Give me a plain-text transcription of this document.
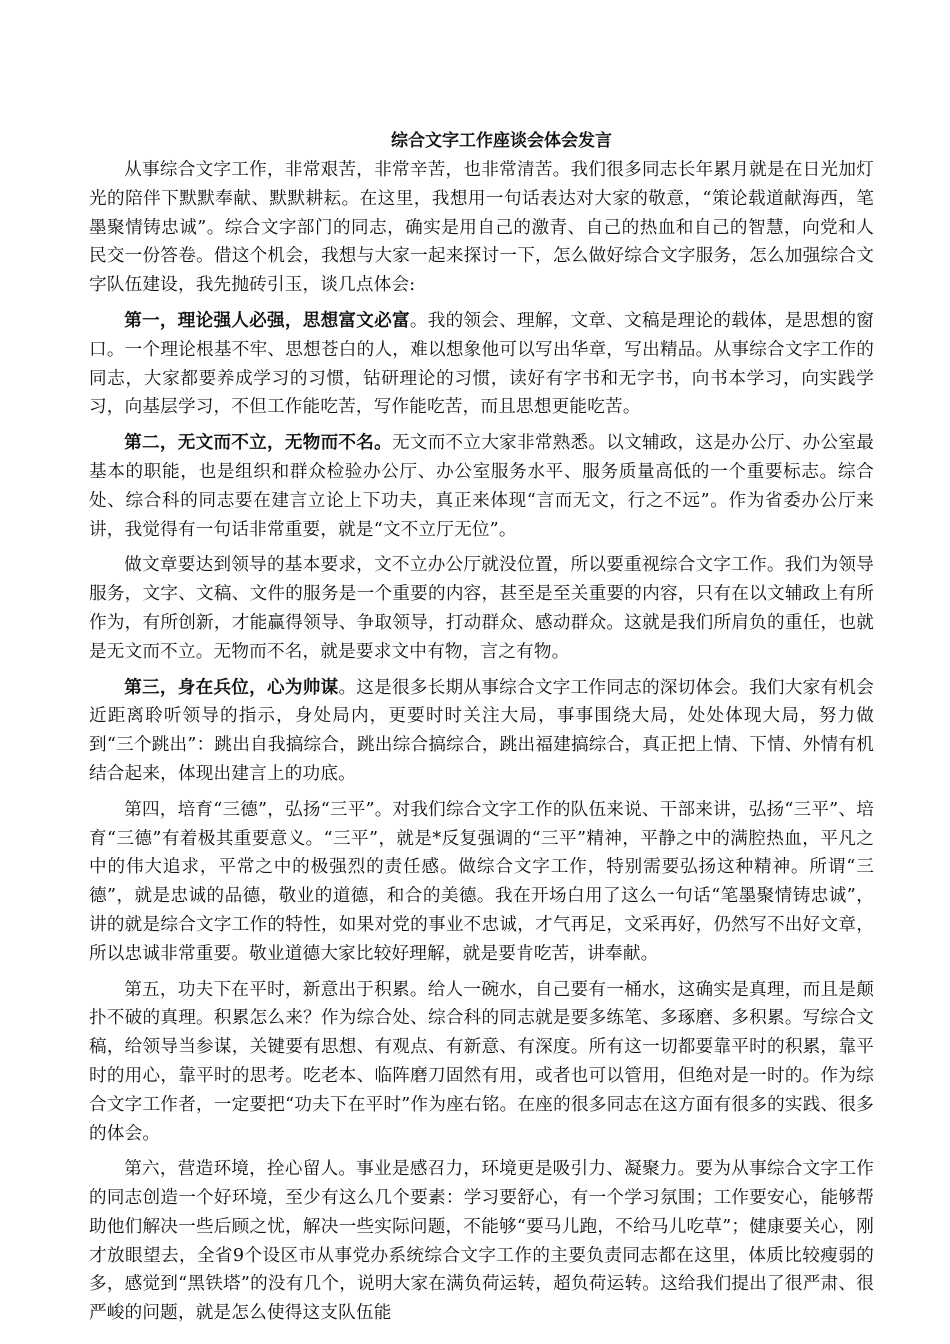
综合文字工作座谈会体会发言

从事综合文字工作，非常艰苦，非常辛苦，也非常清苦。我们很多同志长年累月就是在日光加灯光的陪伴下默默奉献、默默耕耘。在这里，我想用一句话表达对大家的敬意，“策论载道献海西，笔墨聚情铸忠诚”。综合文字部门的同志，确实是用自己的激青、自己的热血和自己的智慧，向党和人民交一份答卷。借这个机会，我想与大家一起来探讨一下，怎么做好综合文字服务，怎么加强综合文字队伍建设，我先抛砖引玉，谈几点体会:

第一，理论强人必强，思想富文必富。我的领会、理解，文章、文稿是理论的载体，是思想的窗口。一个理论根基不牢、思想苍白的人，难以想象他可以写出华章，写出精品。从事综合文字工作的同志，大家都要养成学习的习惯，钻研理论的习惯，读好有字书和无字书，向书本学习，向实践学习，向基层学习，不但工作能吃苦，写作能吃苦，而且思想更能吃苦。

第二，无文而不立，无物而不名。无文而不立大家非常熟悉。以文辅政，这是办公厅、办公室最基本的职能，也是组织和群众检验办公厅、办公室服务水平、服务质量高低的一个重要标志。综合处、综合科的同志要在建言立论上下功夫，真正来体现“言而无文，行之不远”。作为省委办公厅来讲，我觉得有一句话非常重要，就是“文不立厅无位”。

做文章要达到领导的基本要求，文不立办公厅就没位置，所以要重视综合文字工作。我们为领导服务，文字、文稿、文件的服务是一个重要的内容，甚至是至关重要的内容，只有在以文辅政上有所作为，有所创新，才能赢得领导、争取领导，打动群众、感动群众。这就是我们所肩负的重任，也就是无文而不立。无物而不名，就是要求文中有物，言之有物。

第三，身在兵位，心为帅谋。这是很多长期从事综合文字工作同志的深切体会。我们大家有机会近距离聆听领导的指示，身处局内，更要时时关注大局，事事围绕大局，处处体现大局，努力做到“三个跳出”：跳出自我搞综合，跳出综合搞综合，跳出福建搞综合，真正把上情、下情、外情有机结合起来，体现出建言上的功底。

第四，培育“三德”，弘扬“三平”。对我们综合文字工作的队伍来说、干部来讲，弘扬“三平”、培育“三德”有着极其重要意义。“三平”，就是*反复强调的“三平”精神，平静之中的满腔热血，平凡之中的伟大追求，平常之中的极强烈的责任感。做综合文字工作，特别需要弘扬这种精神。所谓“三德”，就是忠诚的品德，敬业的道德，和合的美德。我在开场白用了这么一句话“笔墨聚情铸忠诚”，讲的就是综合文字工作的特性，如果对党的事业不忠诚，才气再足，文采再好，仍然写不出好文章，所以忠诚非常重要。敬业道德大家比较好理解，就是要肯吃苦，讲奉献。

第五，功夫下在平时，新意出于积累。给人一碗水，自己要有一桶水，这确实是真理，而且是颠扑不破的真理。积累怎么来？作为综合处、综合科的同志就是要多练笔、多琢磨、多积累。写综合文稿，给领导当参谋，关键要有思想、有观点、有新意、有深度。所有这一切都要靠平时的积累，靠平时的用心，靠平时的思考。吃老本、临阵磨刀固然有用，或者也可以管用，但绝对是一时的。作为综合文字工作者，一定要把“功夫下在平时”作为座右铭。在座的很多同志在这方面有很多的实践、很多的体会。

第六，营造环境，拴心留人。事业是感召力，环境更是吸引力、凝聚力。要为从事综合文字工作的同志创造一个好环境，至少有这么几个要素：学习要舒心，有一个学习氛围；工作要安心，能够帮助他们解决一些后顾之忧，解决一些实际问题，不能够“要马儿跑，不给马儿吃草”；健康要关心，刚才放眼望去，全省9个设区市从事党办系统综合文字工作的主要负责同志都在这里，体质比较瘦弱的多，感觉到“黑铁塔”的没有几个，说明大家在满负荷运转，超负荷运转。这给我们提出了很严肃、很严峻的问题，就是怎么使得这支队伍能
